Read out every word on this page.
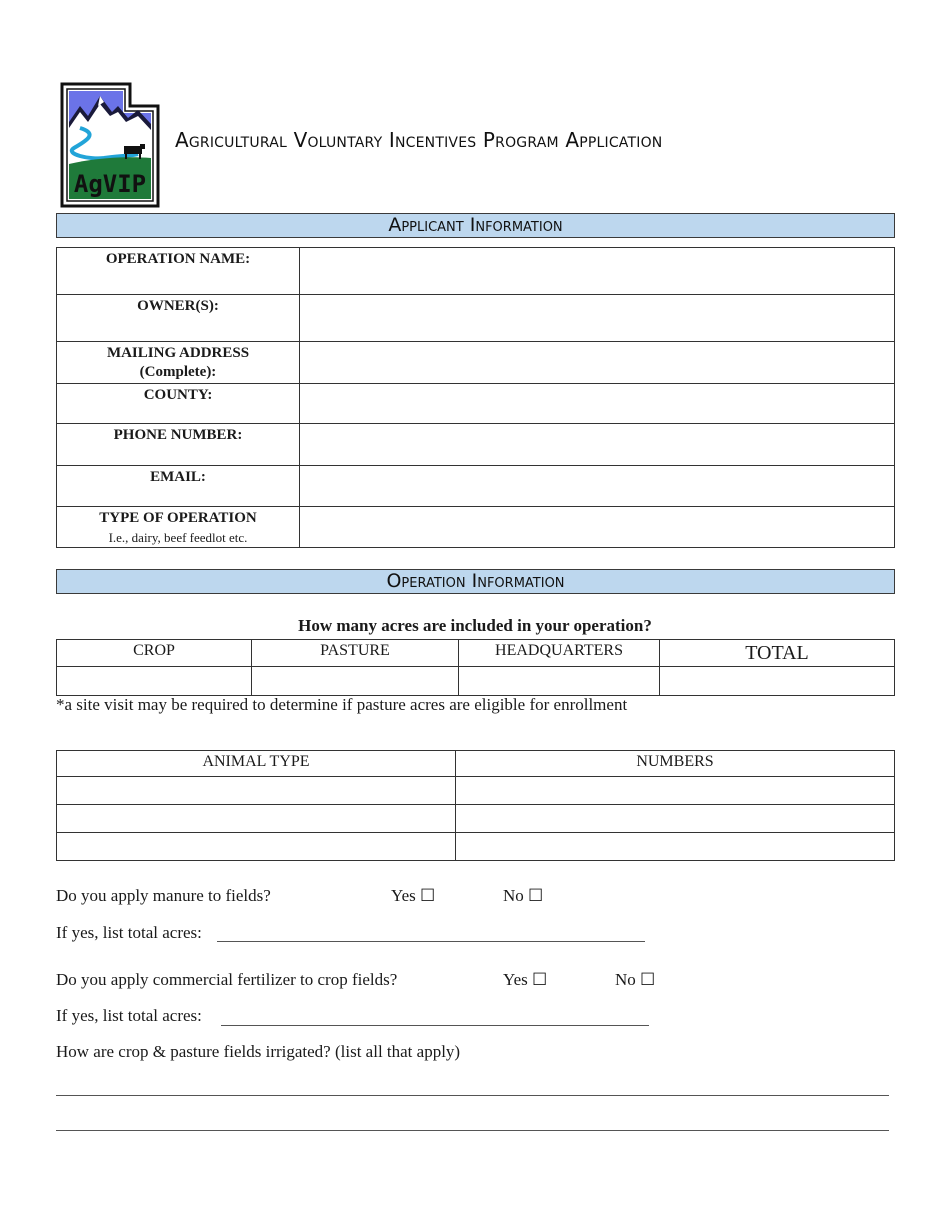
AgVIP
Agricultural Voluntary Incentives Program Application
Applicant Information
OPERATION NAME:	
OWNER(S):	
MAILING ADDRESS (Complete):	
COUNTY:	
PHONE NUMBER:	
EMAIL:	

TYPE OF OPERATION
I.e., dairy, beef feedlot etc.	

Operation Information
How many acres are included in your operation?
CROP	PASTURE	HEADQUARTERS	TOTAL

*a site visit may be required to determine if pasture acres are eligible for enrollment
ANIMAL TYPE	NUMBERS

Do you apply manure to fields?	Yes ☐	No ☐
If yes, list total acres:
Do you apply commercial fertilizer to crop fields?	Yes ☐	No ☐
If yes, list total acres:
How are crop & pasture fields irrigated? (list all that apply)
